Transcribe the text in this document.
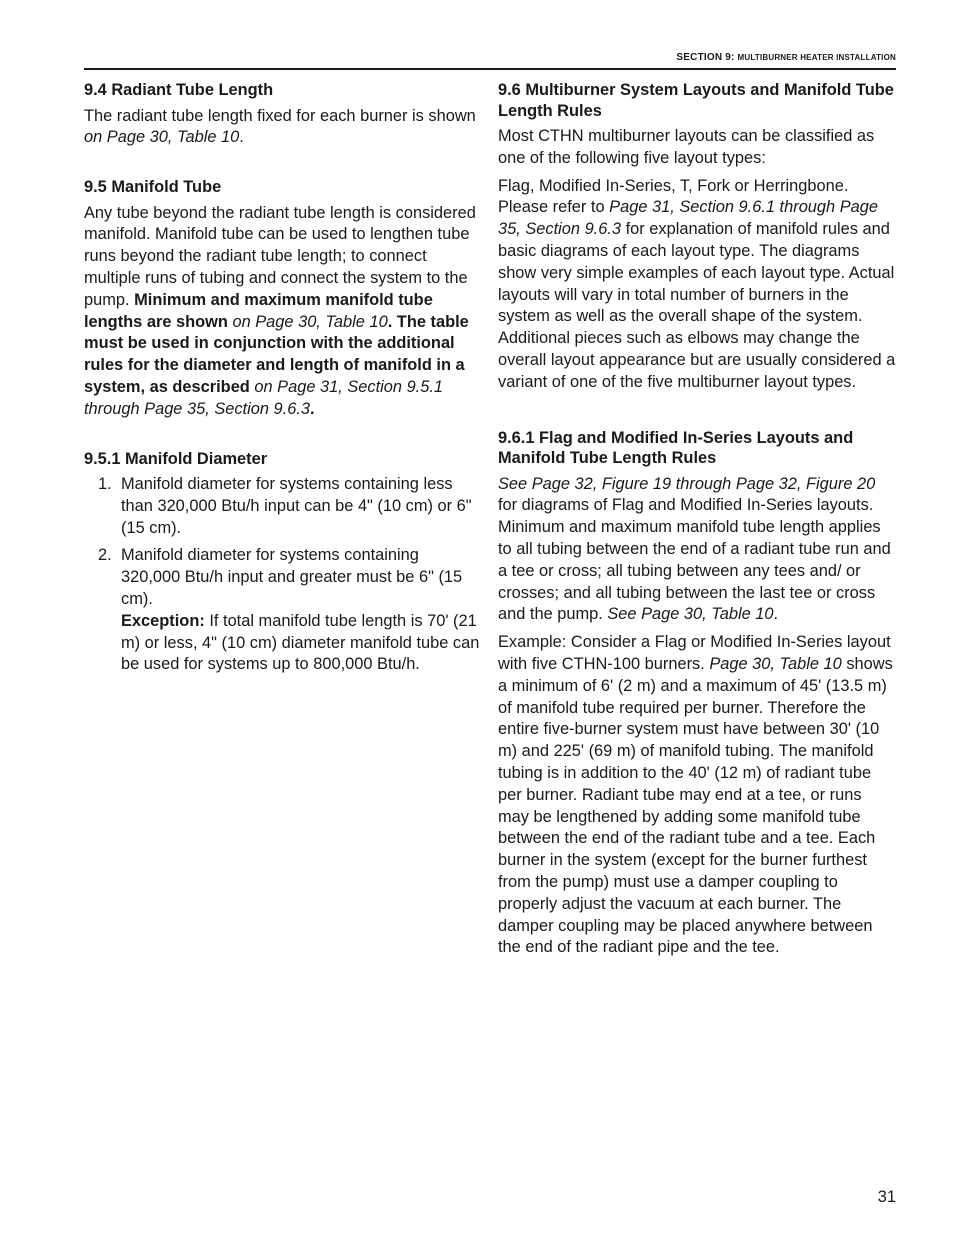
SECTION 9: MULTIBURNER HEATER INSTALLATION
9.4 Radiant Tube Length

The radiant tube length fixed for each burner is shown on Page 30, Table 10.

9.5 Manifold Tube

Any tube beyond the radiant tube length is considered manifold. Manifold tube can be used to lengthen tube runs beyond the radiant tube length; to connect multiple runs of tubing and connect the system to the pump. Minimum and maximum manifold tube lengths are shown on Page 30, Table 10. The table must be used in conjunction with the additional rules for the diameter and length of manifold in a system, as described on Page 31, Section 9.5.1 through Page 35, Section 9.6.3.

9.5.1 Manifold Diameter
1. Manifold diameter for systems containing less than 320,000 Btu/h input can be 4" (10 cm) or 6" (15 cm).
2. Manifold diameter for systems containing 320,000 Btu/h input and greater must be 6" (15 cm).
Exception: If total manifold tube length is 70' (21 m) or less, 4" (10 cm) diameter manifold tube can be used for systems up to 800,000 Btu/h.
9.6 Multiburner System Layouts and Manifold Tube Length Rules

Most CTHN multiburner layouts can be classified as one of the following five layout types:

Flag, Modified In-Series, T, Fork or Herringbone. Please refer to Page 31, Section 9.6.1 through Page 35, Section 9.6.3 for explanation of manifold rules and basic diagrams of each layout type. The diagrams show very simple examples of each layout type. Actual layouts will vary in total number of burners in the system as well as the overall shape of the system. Additional pieces such as elbows may change the overall layout appearance but are usually considered a variant of one of the five multiburner layout types.

9.6.1 Flag and Modified In-Series Layouts and Manifold Tube Length Rules

See Page 32, Figure 19 through Page 32, Figure 20 for diagrams of Flag and Modified In-Series layouts. Minimum and maximum manifold tube length applies to all tubing between the end of a radiant tube run and a tee or cross; all tubing between any tees and/ or crosses; and all tubing between the last tee or cross and the pump. See Page 30, Table 10.

Example: Consider a Flag or Modified In-Series layout with five CTHN-100 burners. Page 30, Table 10 shows a minimum of 6' (2 m) and a maximum of 45' (13.5 m) of manifold tube required per burner. Therefore the entire five-burner system must have between 30' (10 m) and 225' (69 m) of manifold tubing. The manifold tubing is in addition to the 40' (12 m) of radiant tube per burner. Radiant tube may end at a tee, or runs may be lengthened by adding some manifold tube between the end of the radiant tube and a tee. Each burner in the system (except for the burner furthest from the pump) must use a damper coupling to properly adjust the vacuum at each burner. The damper coupling may be placed anywhere between the end of the radiant pipe and the tee.

31
